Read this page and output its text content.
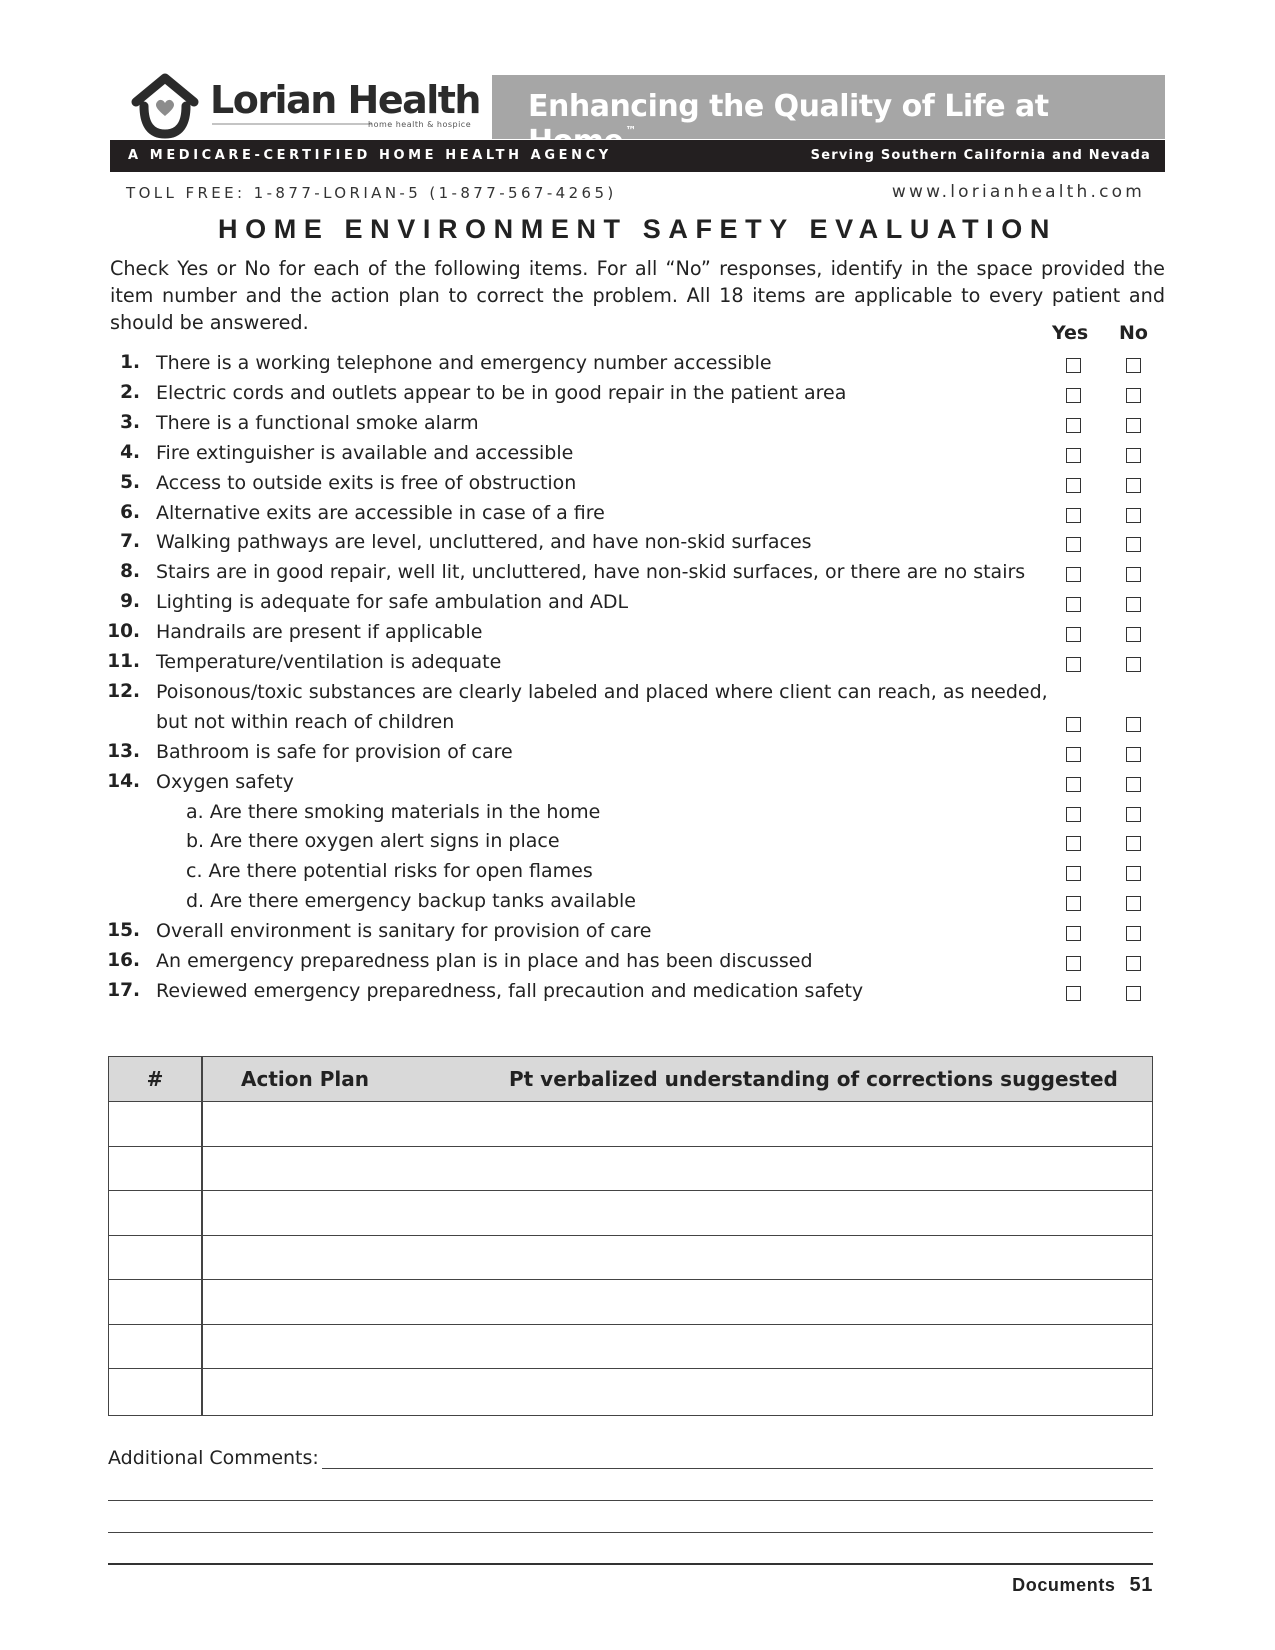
Lorian Health
home health & hospice
Enhancing the Quality of Life at ™
A MEDICARE-CERTIFIED HOME HEALTH AGENCY	Serving Southern California and Nevada
TOLL FREE: 1-877-LORIAN-5 (1-877-567-4265)	www.lorianhealth.com
HOME ENVIRONMENT SAFETY EVALUATION
Check Yes or No for each of the following items. For all “No” responses, identify in the space provided the item number and the action plan to correct the problem. All 18 items are applicable to every patient and should be answered.	Yes No
1. There is a working telephone and emergency number accessible
2. Electric cords and outlets appear to be in good repair in the patient area
3. There is a functional smoke alarm
4. Fire extinguisher is available and accessible
5. Access to outside exits is free of obstruction
6. Alternative exits are accessible in case of a fire
7. Walking pathways are level, uncluttered, and have non-skid surfaces
8. Stairs are in good repair, well lit, uncluttered, have non-skid surfaces, or there are no stairs
9. Lighting is adequate for safe ambulation and ADL
10. Handrails are present if applicable
11. Temperature/ventilation is adequate
12. Poisonous/toxic substances are clearly labeled and placed where client can reach, as needed,
but not within reach of children
13. Bathroom is safe for provision of care
14. Oxygen safety
a. Are there smoking materials in the home
b. Are there oxygen alert signs in place
c. Are there potential risks for open flames
d. Are there emergency backup tanks available
15. Overall environment is sanitary for provision of care
16. An emergency preparedness plan is in place and has been discussed
17. Reviewed emergency preparedness, fall precaution and medication safety
#	Action Plan	Pt verbalized understanding of corrections suggested
Additional Comments:
Documents 51
